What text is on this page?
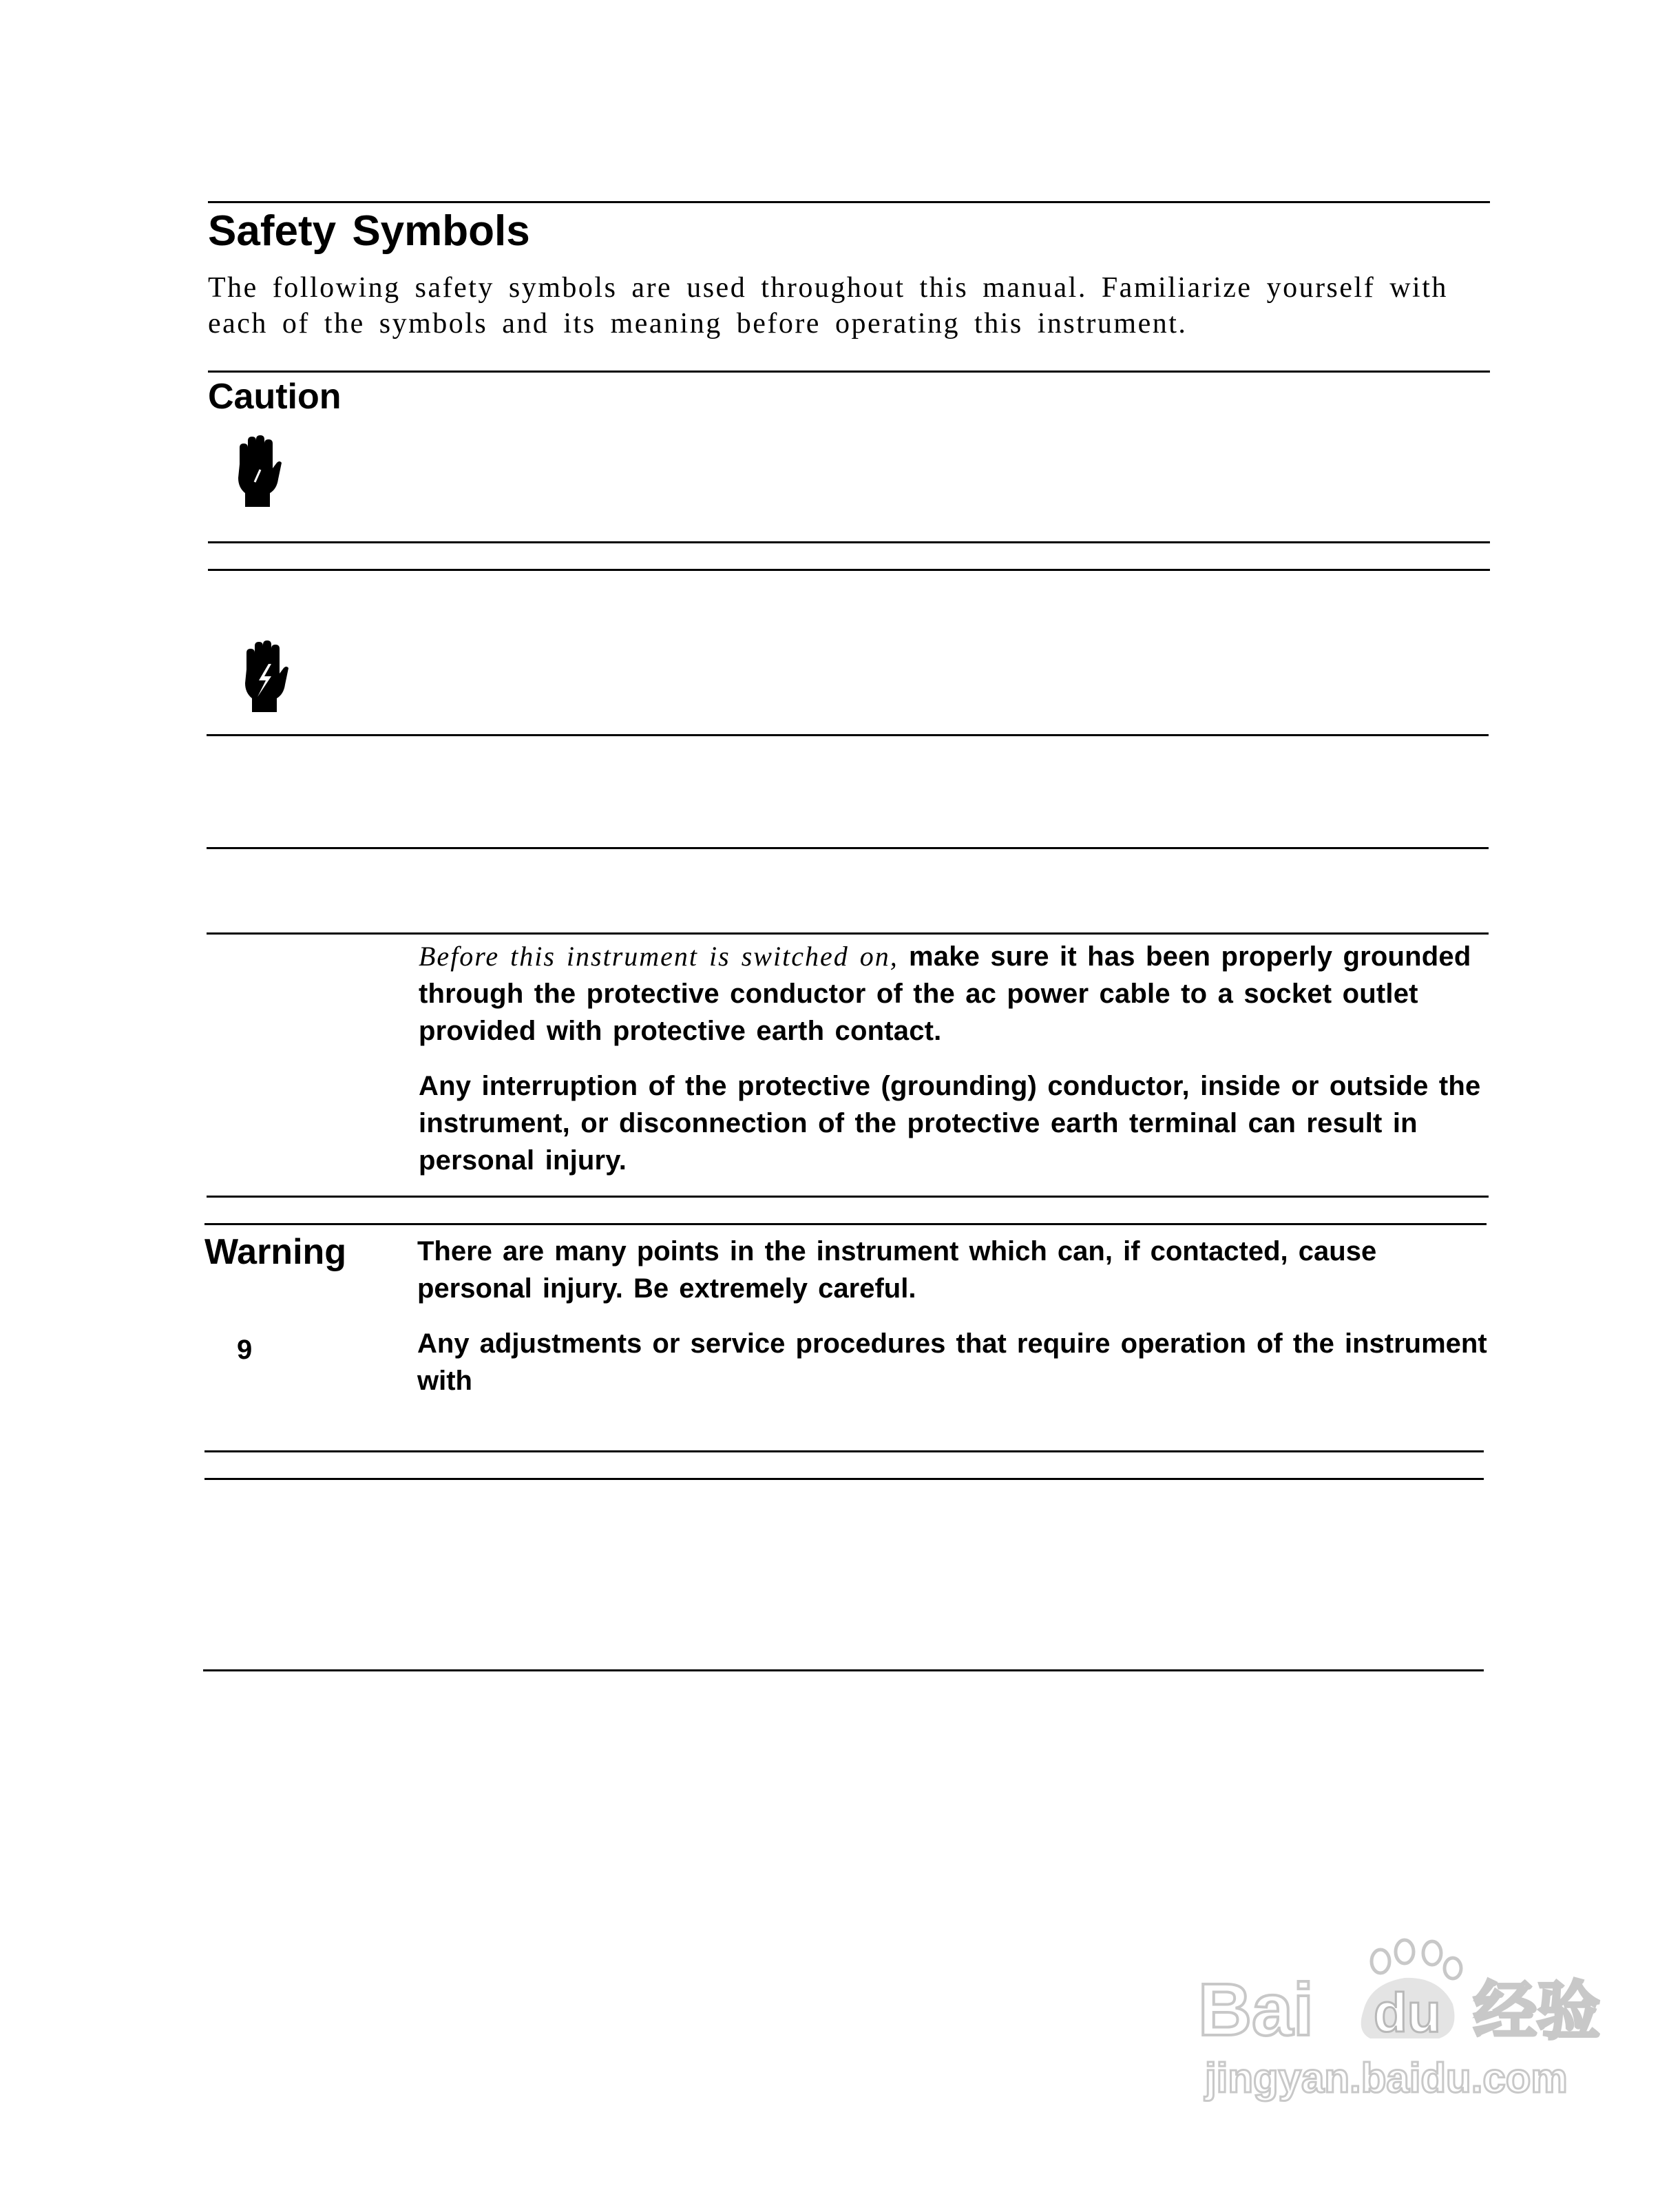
Safety Symbols

The following safety symbols are used throughout this manual. Familiarize yourself with each of the symbols and its meaning before operating this instrument.

Caution

Before this instrument is switched on, make sure it has been properly grounded through the protective conductor of the ac power cable to a socket outlet provided with protective earth contact.

Any interruption of the protective (grounding) conductor, inside or outside the instrument, or disconnection of the protective earth terminal can result in personal injury.

Warning
9

There are many points in the instrument which can, if contacted, cause personal injury. Be extremely careful.

Any adjustments or service procedures that require operation of the instrument with

Bai du 经验
jingyan.baidu.com
